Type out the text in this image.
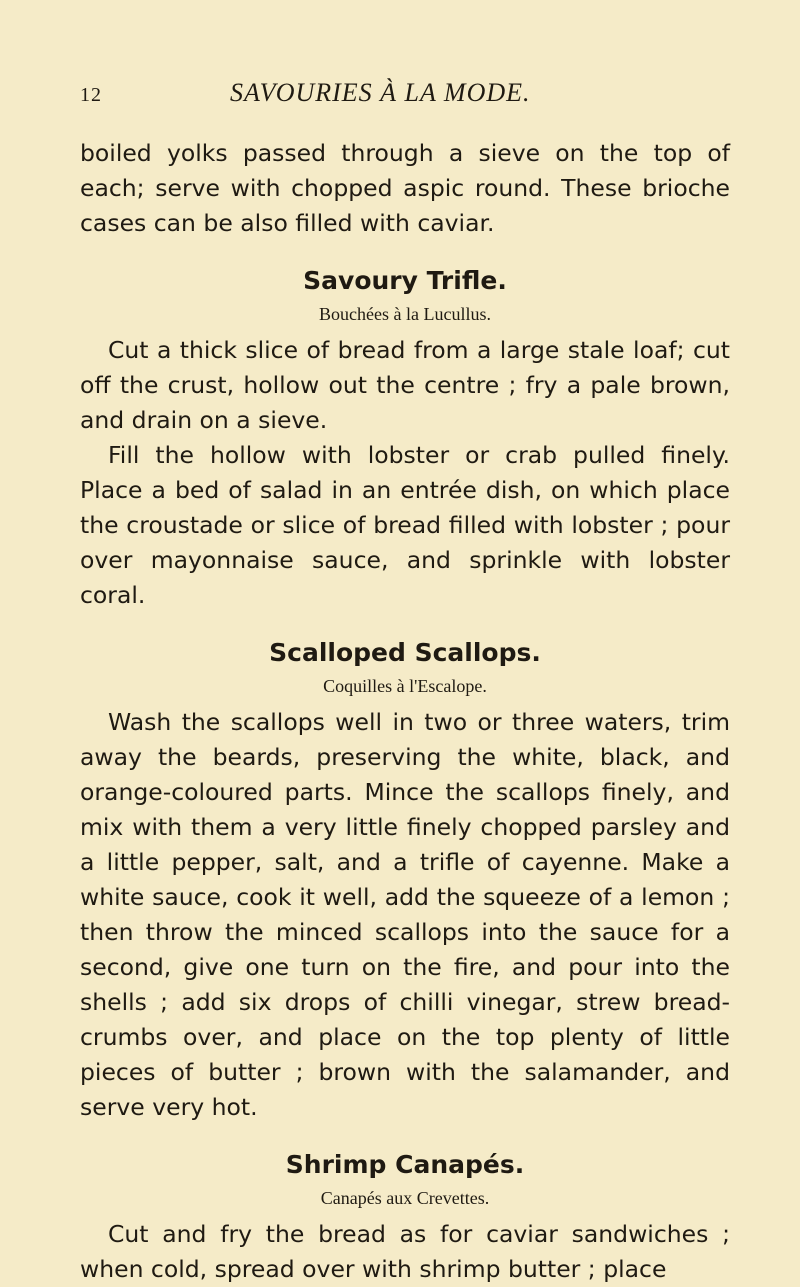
12	SAVOURIES À LA MODE.

boiled yolks passed through a sieve on the top of each; serve with chopped aspic round. These brioche cases can be also filled with caviar.

Savoury Trifle.

Bouchées à la Lucullus.

Cut a thick slice of bread from a large stale loaf; cut off the crust, hollow out the centre ; fry a pale brown, and drain on a sieve.

Fill the hollow with lobster or crab pulled finely. Place a bed of salad in an entrée dish, on which place the croustade or slice of bread filled with lobster ; pour over mayonnaise sauce, and sprinkle with lobster coral.

Scalloped Scallops.

Coquilles à l'Escalope.

Wash the scallops well in two or three waters, trim away the beards, preserving the white, black, and orange-coloured parts. Mince the scallops finely, and mix with them a very little finely chopped parsley and a little pepper, salt, and a trifle of cayenne. Make a white sauce, cook it well, add the squeeze of a lemon ; then throw the minced scallops into the sauce for a second, give one turn on the fire, and pour into the shells ; add six drops of chilli vinegar, strew bread-crumbs over, and place on the top plenty of little pieces of butter ; brown with the salamander, and serve very hot.

Shrimp Canapés.

Canapés aux Crevettes.

Cut and fry the bread as for caviar sandwiches ; when cold, spread over with shrimp butter ; place
